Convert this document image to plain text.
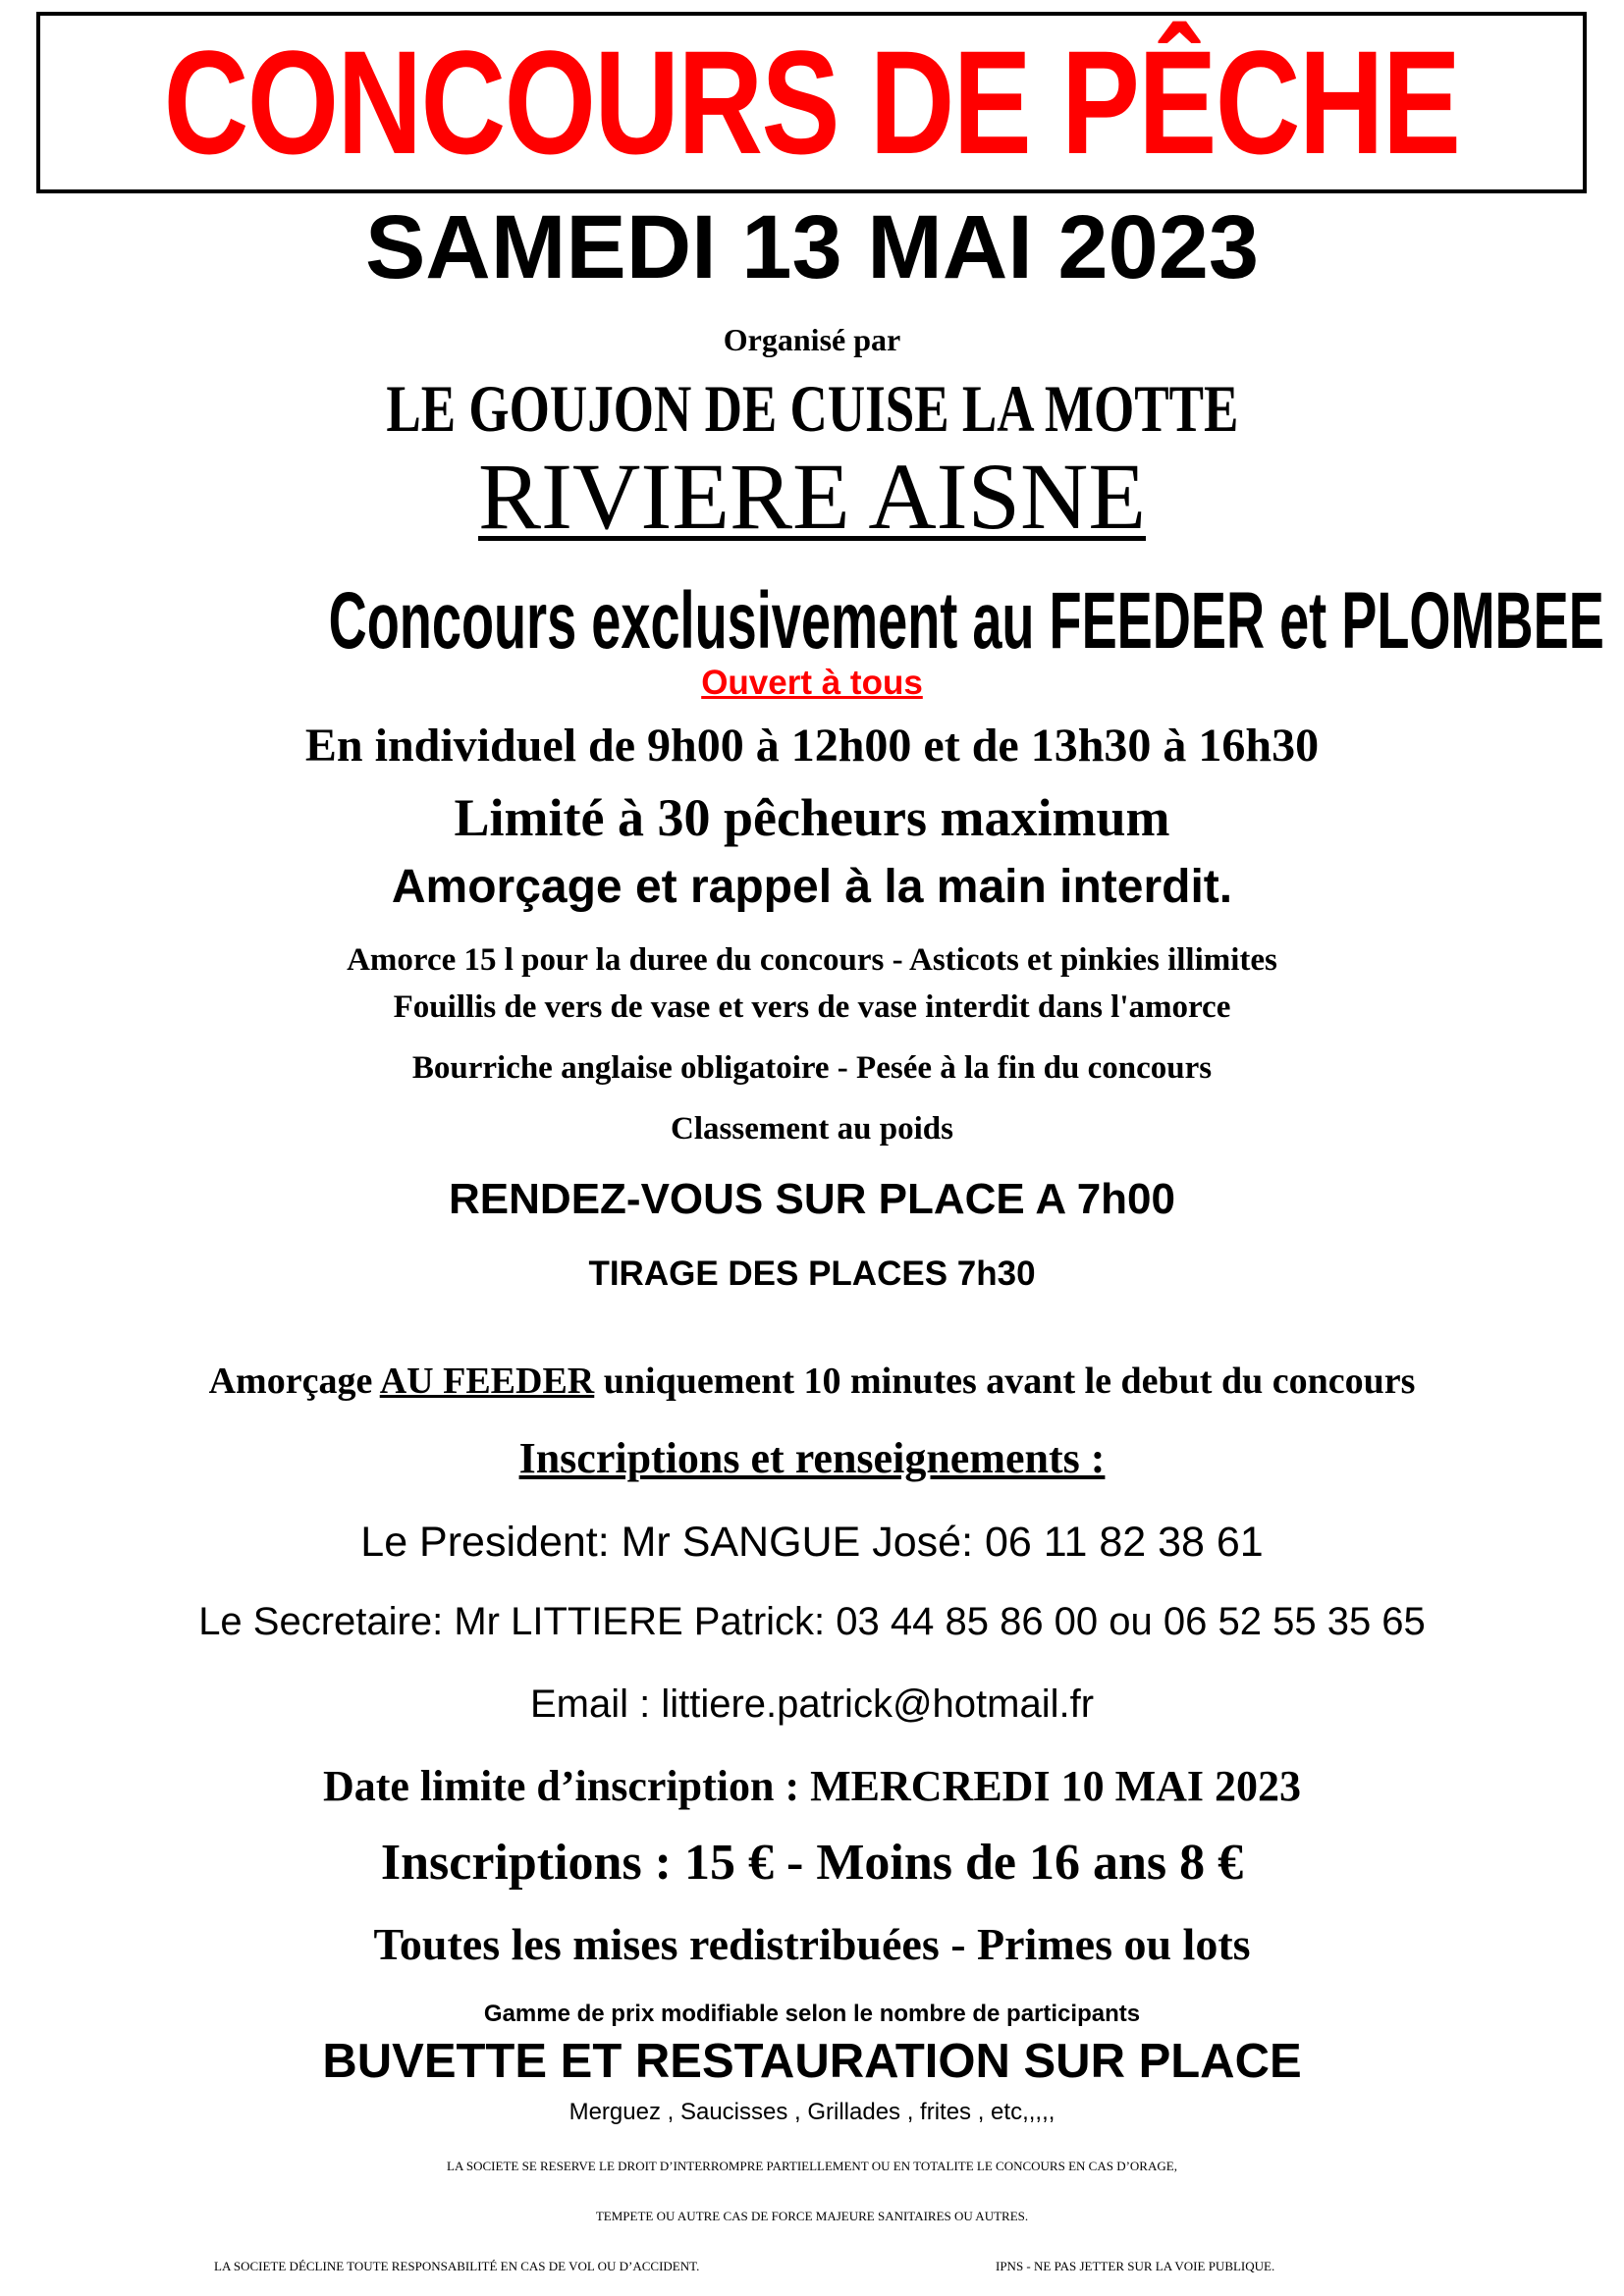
CONCOURS DE PÊCHE
SAMEDI 13 MAI 2023
Organisé par
LE GOUJON DE CUISE LA MOTTE
RIVIERE AISNE
Concours exclusivement au FEEDER et PLOMBEE
Ouvert à tous
En individuel de 9h00 à 12h00 et de 13h30 à 16h30
Limité à 30 pêcheurs maximum
Amorçage et rappel à la main interdit.
Amorce 15 l pour la duree du concours - Asticots et pinkies illimites
Fouillis de vers de vase et vers de vase interdit dans l'amorce
Bourriche anglaise obligatoire - Pesée à la fin du concours
Classement au poids
RENDEZ-VOUS SUR PLACE A 7h00
TIRAGE DES PLACES 7h30
Amorçage AU FEEDER uniquement 10 minutes avant le debut du concours
Inscriptions et renseignements :
Le President: Mr SANGUE José: 06 11 82 38 61
Le Secretaire: Mr LITTIERE Patrick: 03 44 85 86 00 ou 06 52 55 35 65
Email : littiere.patrick@hotmail.fr
Date limite d’inscription : MERCREDI 10 MAI 2023
Inscriptions : 15 € - Moins de 16 ans 8 €
Toutes les mises redistribuées - Primes ou lots
Gamme de prix modifiable selon le nombre de participants
BUVETTE ET RESTAURATION SUR PLACE
Merguez , Saucisses , Grillades , frites , etc,,,,,
LA SOCIETE SE RESERVE LE DROIT D’INTERROMPRE PARTIELLEMENT OU EN TOTALITE LE CONCOURS EN CAS D’ORAGE,
TEMPETE OU AUTRE CAS DE FORCE MAJEURE SANITAIRES OU AUTRES.
LA SOCIETE DÉCLINE TOUTE RESPONSABILITÉ EN CAS DE VOL OU D’ACCIDENT.	IPNS - NE PAS JETTER SUR LA VOIE PUBLIQUE.
